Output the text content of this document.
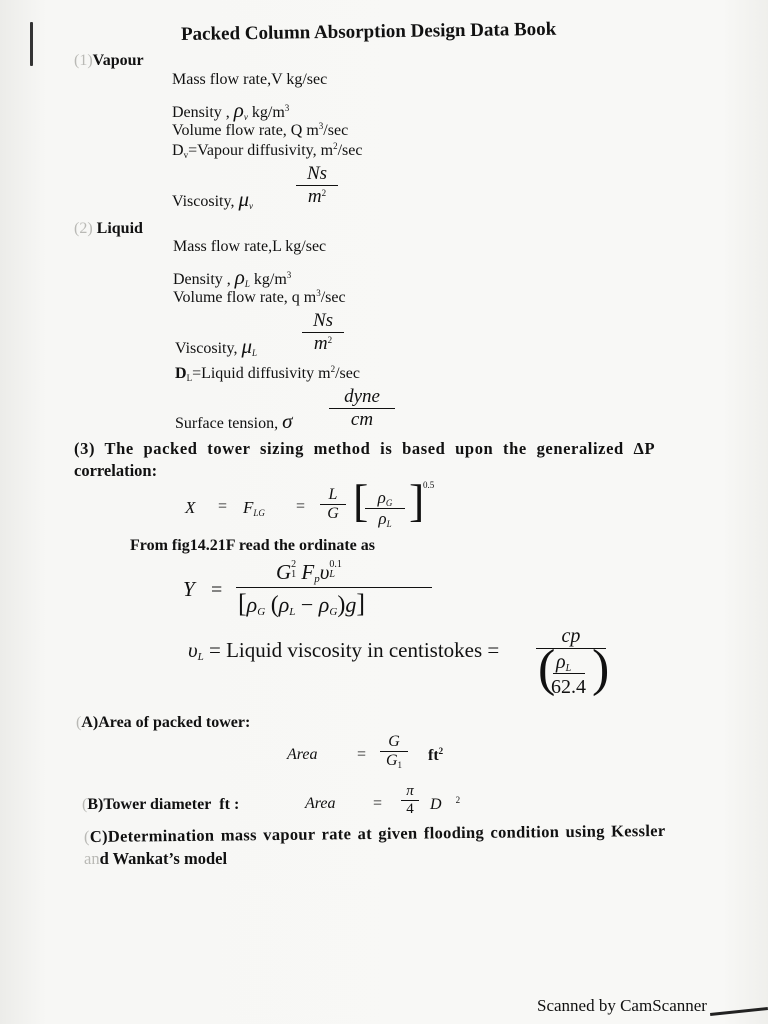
Packed Column Absorption Design Data Book
(1)Vapour
Mass flow rate,V kg/sec
Density , $\rho_v$ $kg/m^3$
Volume flow rate, Q $m^3/\sec$
$D_v=Vapour$ diffusivity, $m^2/\sec$
Viscosity, $\mu_v$
Ns
$m^2$
(2) Liquid
Mass flow rate,L kg/sec
Density , $\rho_L$ $kg/m^3$
Volume flow rate, q $m^3/\sec$
Viscosity, $\mu_L$
Ns
$m^2$
$D_L=Liquid$ diffusivity $m^2/\sec$
Surface tension, σ
dyne
cm
(3) The packed tower sizing method is based upon the generalized ΔP
correlation:
$X = F_{LG}$ =
L
G [ $\rho_G$
$\rho_L$ ]
0.5
From fig14.21F read the ordinate as
Y =
G 2
1 $F_p\upsilon$ 0.1
L
[$\rho_G$ $(\rho_L - \rho_G)g$]
$\upsilon_L$ = Liquid viscosity in centistokes =
cp
( $\rho_L$
62.4 )
(A)Area of packed tower:
Area =
G
$G_1$
$ft^2$
(B)Tower diameter  ft :	Area =
π
4	D $^2$
(C)Determination mass vapour rate at given flooding condition using Kessler
and Wankat’s model
Scanned by CamScanner
